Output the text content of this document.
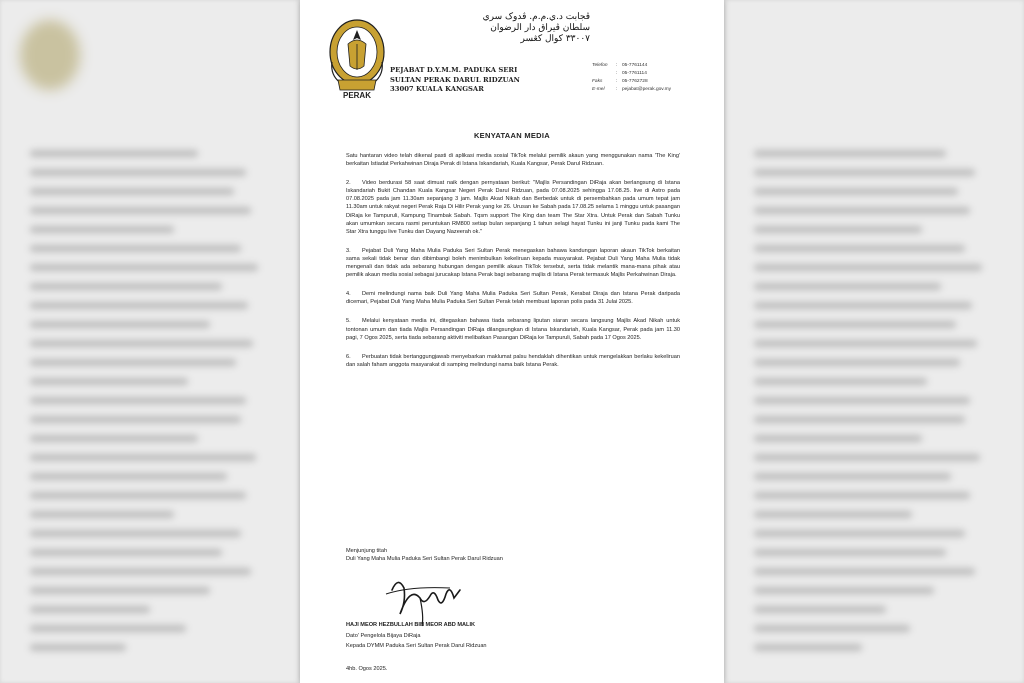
PERAK
ڤجابت د.ي.م.م. ڤدوک سري
سلطان ڤيراق دار الرضوان
٣٣٠٠٧ کوال کڠسر
PEJABAT D.Y.M.M. PADUKA SERI
SULTAN PERAK DARUL RIDZUAN
33007 KUALA KANGSAR
Telefon	: 05-7761144
: 05-7761114
Faks	: 05-7762728
E-mel	: pejabat@perak.gov.my
KENYATAAN MEDIA

Satu hantaran video telah dikenal pasti di aplikasi media sosial TikTok melalui pemilik akaun yang menggunakan nama 'The King' berkaitan Istiadat Perkahwinan Diraja Perak di Istana Iskandariah, Kuala Kangsar, Perak Darul Ridzuan.

2. Video berdurasi 58 saat dimuat naik dengan pernyataan berikut: "Majlis Persandingan DiRaja akan berlangsung di Istana Iskandariah Bukit Chandan Kuala Kangsar Negeri Perak Darul Ridzuan, pada 07.08.2025 sehingga 17.08.25. live di Astro pada 07.08.2025 pada jam 11.30am sepanjang 3 jam. Majlis Akad Nikah dan Berbedak untuk di persembahkan pada umum tepat jam 11.30am untuk rakyat negeri Perak Raja Di Hilir Perak yang ke 26. Urusan ke Sabah pada 17.08.25 selama 1 minggu untuk pasangan DiRaja ke Tampuruli, Kampung Tinambak Sabah. Tqsm support The King dan team The Star Xtra. Untuk Perak dan Sabah Tunku akan umumkan secara rasmi peruntukan RM800 setiap bulan sepanjang 1 tahun selagi hayat Tunku ini janji Tunku pada kami The Star Xtra tunggu live Tunku dan Dayang Nazeerah ok."

3. Pejabat Duli Yang Maha Mulia Paduka Seri Sultan Perak menegaskan bahawa kandungan laporan akaun TikTok berkaitan sama sekali tidak benar dan dibimbangi boleh menimbulkan kekeliruan kepada masyarakat. Pejabat Duli Yang Maha Mulia tidak mengenali dan tidak ada sebarang hubungan dengan pemilik akaun TikTok tersebut, serta tidak melantik mana-mana pihak atau pemilik akaun media sosial sebagai jurucakap Istana Perak bagi sebarang majlis di Istana Perak termasuk Majlis Perkahwinan Diraja.

4. Demi melindungi nama baik Duli Yang Maha Mulia Paduka Seri Sultan Perak, Kerabat Diraja dan Istana Perak daripada dicemari, Pejabat Duli Yang Maha Mulia Paduka Seri Sultan Perak telah membuat laporan polis pada 31 Julai 2025.

5. Melalui kenyataan media ini, ditegaskan bahawa tiada sebarang liputan siaran secara langsung Majlis Akad Nikah untuk tontonan umum dan tiada Majlis Persandingan DiRaja dilangsungkan di Istana Iskandariah, Kuala Kangsar, Perak pada jam 11.30 pagi, 7 Ogos 2025, serta tiada sebarang aktiviti melibatkan Pasangan DiRaja ke Tampuruli, Sabah pada 17 Ogos 2025.

6. Perbuatan tidak bertanggungjawab menyebarkan maklumat palsu hendaklah dihentikan untuk mengelakkan berlaku kekeliruan dan salah faham anggota masyarakat di samping melindungi nama baik Istana Perak.

Menjunjung titah
Duli Yang Maha Mulia Paduka Seri Sultan Perak Darul Ridzuan
HAJI MEOR HEZBULLAH BIN MEOR ABD MALIK
Dato' Pengelola Bijaya DiRaja
Kepada DYMM Paduka Seri Sultan Perak Darul Ridzuan
4hb. Ogos 2025.
